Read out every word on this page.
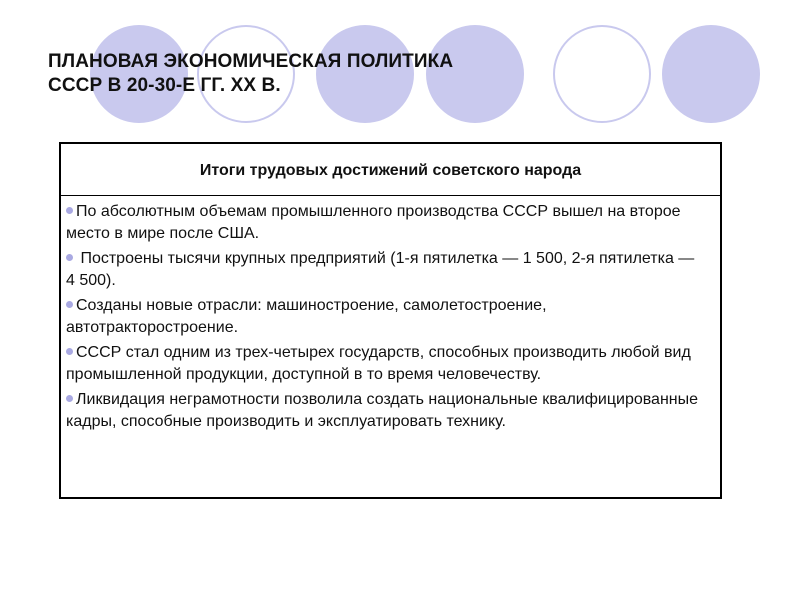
ПЛАНОВАЯ ЭКОНОМИЧЕСКАЯ ПОЛИТИКА
СССР В 20-30-Е ГГ. ХХ В.
Итоги трудовых достижений советского народа
По абсолютным объемам промышленного производства СССР вышел на второе место в мире после США.
Построены тысячи крупных предприятий (1-я пятилетка — 1 500, 2-я пятилетка — 4 500).
Созданы новые отрасли: машиностроение, самолетостроение, автотракторостроение.
СССР стал одним из трех-четырех государств, способных производить любой вид промышленной продукции, доступной в то время человечеству.
Ликвидация неграмотности позволила создать национальные квалифицированные кадры, способные производить и эксплуатировать технику.
